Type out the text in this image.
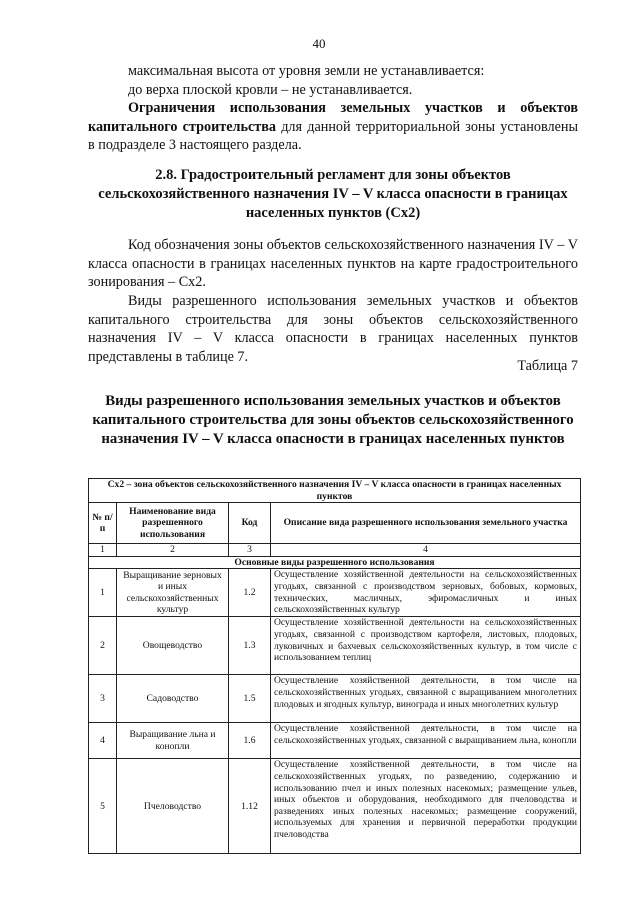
40
максимальная высота от уровня земли не устанавливается:
до верха плоской кровли – не устанавливается.
Ограничения использования земельных участков и объектов капитального строительства для данной территориальной зоны установлены в подразделе 3 настоящего раздела.
2.8. Градостроительный регламент для зоны объектов сельскохозяйственного назначения IV – V класса опасности в границах населенных пунктов (Сх2)
Код обозначения зоны объектов сельскохозяйственного назначения IV – V класса опасности в границах населенных пунктов на карте градостроительного зонирования – Сх2.
Виды разрешенного использования земельных участков и объектов капитального строительства для зоны объектов сельскохозяйственного назначения IV – V класса опасности в границах населенных пунктов представлены в таблице 7.
Таблица 7
Виды разрешенного использования земельных участков и объектов капитального строительства для зоны объектов сельскохозяйственного назначения IV – V класса опасности в границах населенных пунктов
Сх2 – зона объектов сельскохозяйственного назначения IV – V класса опасности в границах населенных пунктов			
№ п/п	Наименование вида разрешенного использования	Код	Описание вида разрешенного использования земельного участка
1	2	3	4
Основные виды разрешенного использования			
1	Выращивание зерновых и иных сельскохозяйственных культур	1.2	Осуществление хозяйственной деятельности на сельскохозяйственных угодьях, связанной с производством зерновых, бобовых, кормовых, технических, масличных, эфиромасличных и иных сельскохозяйственных культур
2	Овощеводство	1.3	Осуществление хозяйственной деятельности на сельскохозяйственных угодьях, связанной с производством картофеля, листовых, плодовых, луковичных и бахчевых сельскохозяйственных культур, в том числе с использованием теплиц
3	Садоводство	1.5	Осуществление хозяйственной деятельности, в том числе на сельскохозяйственных угодьях, связанной с выращиванием многолетних плодовых и ягодных культур, винограда и иных многолетних культур
4	Выращивание льна и конопли	1.6	Осуществление хозяйственной деятельности, в том числе на сельскохозяйственных угодьях, связанной с выращиванием льна, конопли
5	Пчеловодство	1.12	Осуществление хозяйственной деятельности, в том числе на сельскохозяйственных угодьях, по разведению, содержанию и использованию пчел и иных полезных насекомых; размещение ульев, иных объектов и оборудования, необходимого для пчеловодства и разведениях иных полезных насекомых; размещение сооружений, используемых для хранения и первичной переработки продукции пчеловодства
